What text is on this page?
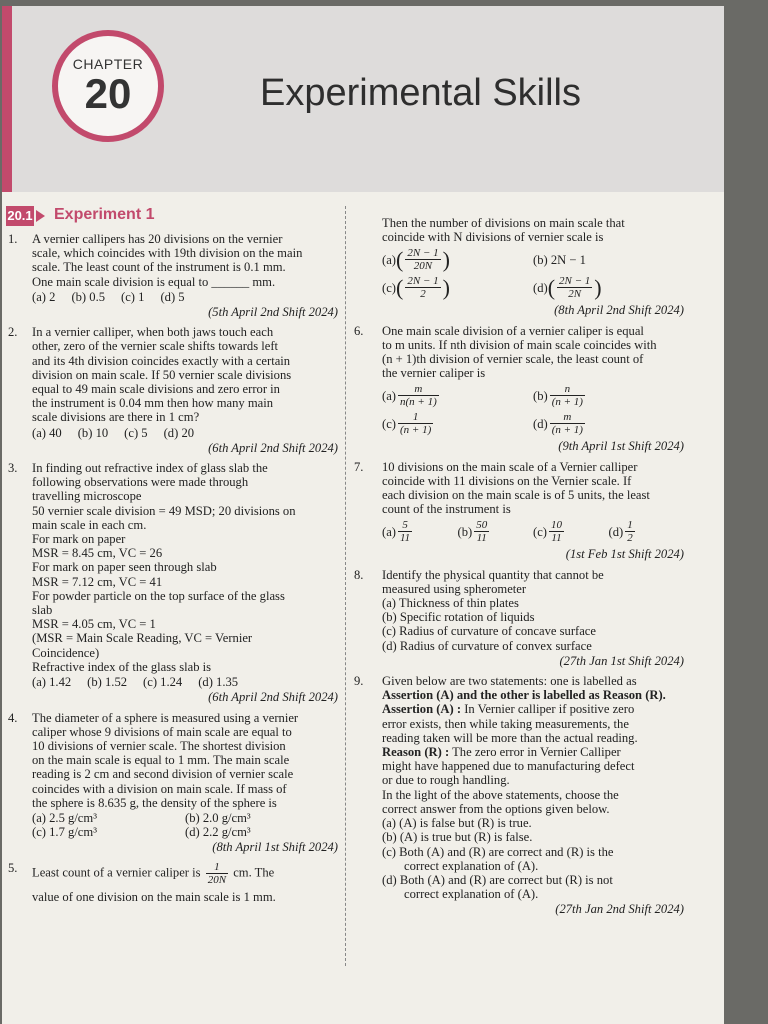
CHAPTER
20	Experimental Skills
20.1 Experiment 1
1. A vernier callipers has 20 divisions on the vernier
scale, which coincides with 19th division on the main
scale. The least count of the instrument is 0.1 mm.
One main scale division is equal to ______ mm.
(a) 2 (b) 0.5 (c) 1 (d) 5
(5th April 2nd Shift 2024)
2. In a vernier calliper, when both jaws touch each
other, zero of the vernier scale shifts towards left
and its 4th division coincides exactly with a certain
division on main scale. If 50 vernier scale divisions
equal to 49 main scale divisions and zero error in
the instrument is 0.04 mm then how many main
scale divisions are there in 1 cm?
(a) 40 (b) 10 (c) 5 (d) 20
(6th April 2nd Shift 2024)
3. In finding out refractive index of glass slab the
following observations were made through
travelling microscope
50 vernier scale division = 49 MSD; 20 divisions on
main scale in each cm.
For mark on paper
MSR = 8.45 cm, VC = 26
For mark on paper seen through slab
MSR = 7.12 cm, VC = 41
For powder particle on the top surface of the glass
slab
MSR = 4.05 cm, VC = 1
(MSR = Main Scale Reading, VC = Vernier
Coincidence)
Refractive index of the glass slab is
(a) 1.42 (b) 1.52 (c) 1.24 (d) 1.35
(6th April 2nd Shift 2024)
4. The diameter of a sphere is measured using a vernier
caliper whose 9 divisions of main scale are equal to
10 divisions of vernier scale. The shortest division
on the main scale is equal to 1 mm. The main scale
reading is 2 cm and second division of vernier scale
coincides with a division on main scale. If mass of
the sphere is 8.635 g, the density of the sphere is
(a) 2.5 g/cm³	(b) 2.0 g/cm³
(c) 1.7 g/cm³	(d) 2.2 g/cm³
(8th April 1st Shift 2024)
5. Least count of a vernier caliper is $\frac{1}{20N}$ cm. The
value of one division on the main scale is 1 mm.
Then the number of divisions on main scale that
coincide with N divisions of vernier scale is
(a) ( $\frac{2N - 1}{20N}$ )	(b) 2N − 1
(c) ( $\frac{2N - 1}{2}$ )	(d) ( $\frac{2N - 1}{2N}$ )
(8th April 2nd Shift 2024)
6. One main scale division of a vernier caliper is equal
to m units. If nth division of main scale coincides with
(n + 1)th division of vernier scale, the least count of
the vernier caliper is
$(a) \frac{m}{n(n + 1)}$	$(b) \frac{n}{(n + 1)}$
$(c) \frac{1}{(n + 1)}$	$(d) \frac{m}{(n + 1)}$
(9th April 1st Shift 2024)
7. 10 divisions on the main scale of a Vernier calliper
coincide with 11 divisions on the Vernier scale. If
each division on the main scale is of 5 units, the least
count of the instrument is
$(a) \frac{5}{11}$	$(b) \frac{50}{11}$	$(c) \frac{10}{11}$	$(d) \frac{1}{2}$
(1st Feb 1st Shift 2024)
8. Identify the physical quantity that cannot be
measured using spherometer
(a) Thickness of thin plates
(b) Specific rotation of liquids
(c) Radius of curvature of concave surface
(d) Radius of curvature of convex surface
(27th Jan 1st Shift 2024)
9. Given below are two statements: one is labelled as
Assertion (A) and the other is labelled as Reason (R).
Assertion (A) : In Vernier calliper if positive zero
error exists, then while taking measurements, the
reading taken will be more than the actual reading.
Reason (R) : The zero error in Vernier Calliper
might have happened due to manufacturing defect
or due to rough handling.
In the light of the above statements, choose the
correct answer from the options given below.
(a) (A) is false but (R) is true.
(b) (A) is true but (R) is false.
(c) Both (A) and (R) are correct and (R) is the
correct explanation of (A).
(d) Both (A) and (R) are correct but (R) is not
correct explanation of (A).
(27th Jan 2nd Shift 2024)
